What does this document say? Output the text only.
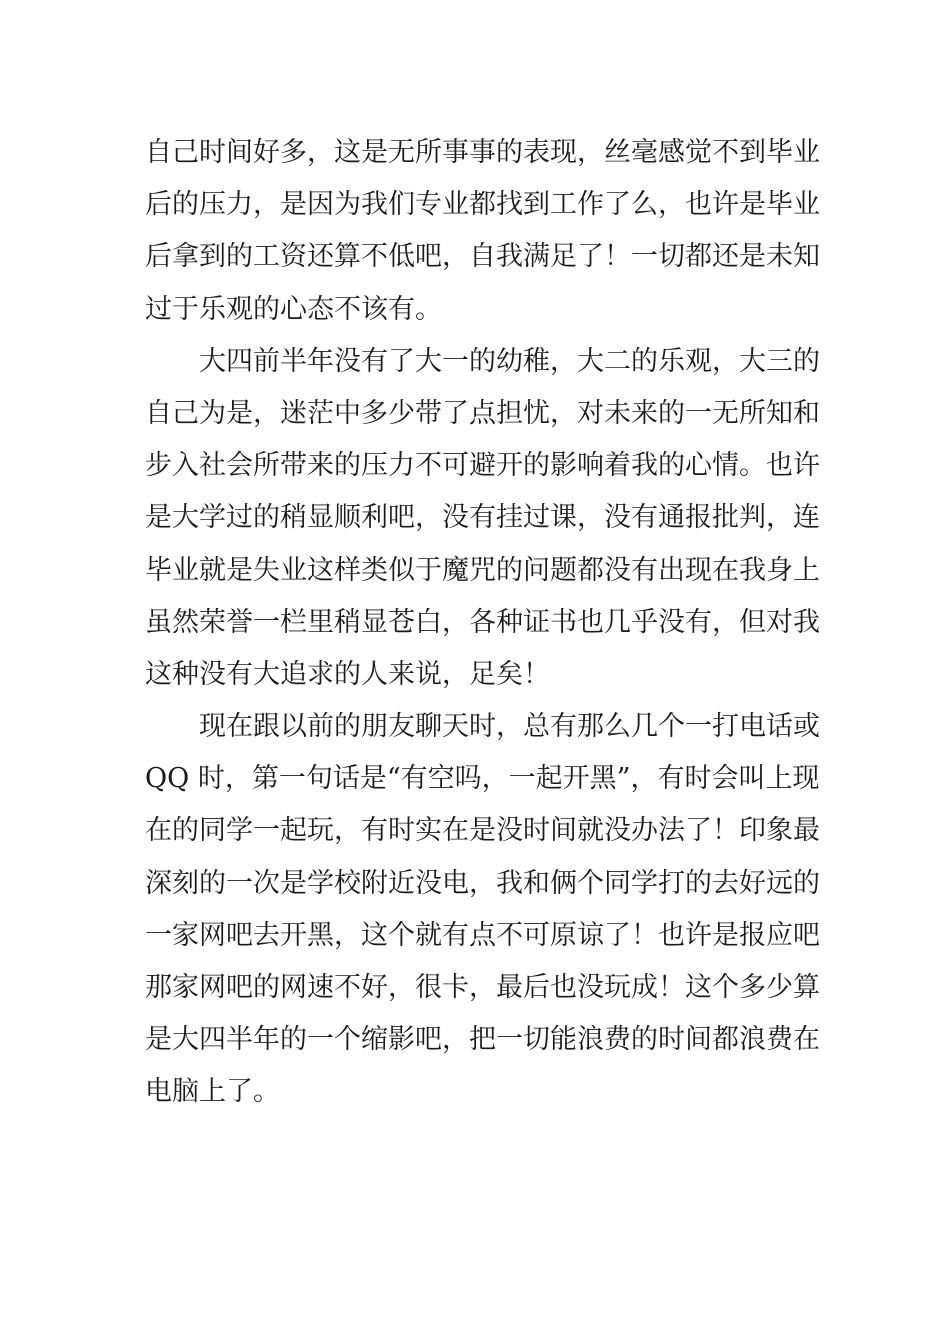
自己时间好多，这是无所事事的表现，丝毫感觉不到毕业
后的压力，是因为我们专业都找到工作了么，也许是毕业
后拿到的工资还算不低吧，自我满足了！一切都还是未知
过于乐观的心态不该有。
大四前半年没有了大一的幼稚，大二的乐观，大三的
自己为是，迷茫中多少带了点担忧，对未来的一无所知和
步入社会所带来的压力不可避开的影响着我的心情。也许
是大学过的稍显顺利吧，没有挂过课，没有通报批判，连
毕业就是失业这样类似于魔咒的问题都没有出现在我身上
虽然荣誉一栏里稍显苍白，各种证书也几乎没有，但对我
这种没有大追求的人来说，足矣！
现在跟以前的朋友聊天时，总有那么几个一打电话或
QQ 时，第一句话是“有空吗，一起开黑”，有时会叫上现
在的同学一起玩，有时实在是没时间就没办法了！印象最
深刻的一次是学校附近没电，我和俩个同学打的去好远的
一家网吧去开黑，这个就有点不可原谅了！也许是报应吧
那家网吧的网速不好，很卡，最后也没玩成！这个多少算
是大四半年的一个缩影吧，把一切能浪费的时间都浪费在
电脑上了。
